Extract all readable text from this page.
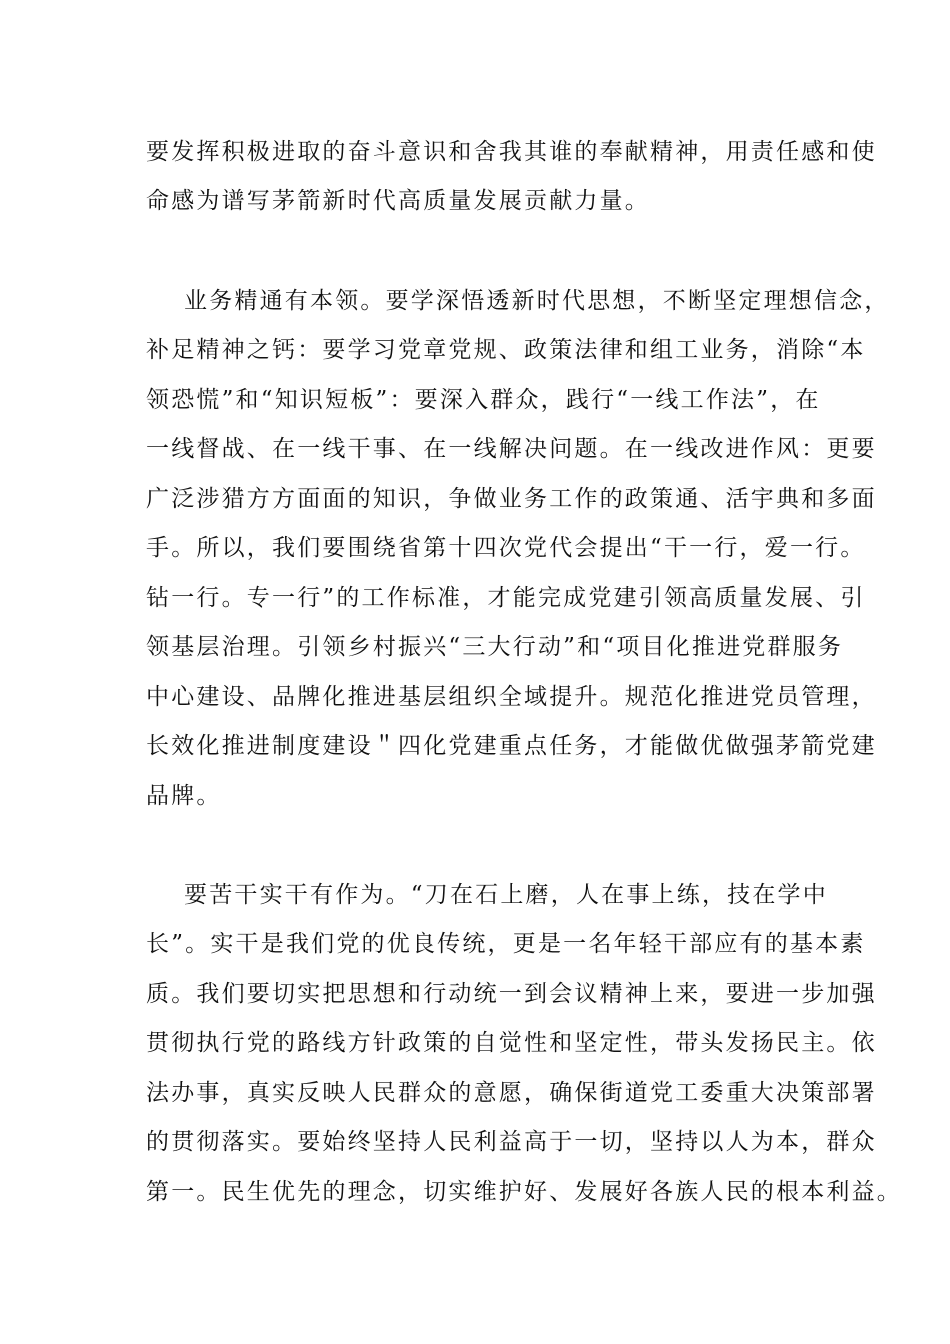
要发挥积极进取的奋斗意识和舍我其谁的奉献精神，用责任感和使
命感为谱写茅箭新时代高质量发展贡献力量。
业务精通有本领。要学深悟透新时代思想，不断坚定理想信念，
补足精神之钙：要学习党章党规、政策法律和组工业务，消除“本
领恐慌”和“知识短板”：要深入群众，践行“一线工作法”，在
一线督战、在一线干事、在一线解决问题。在一线改进作风：更要
广泛涉猎方方面面的知识，争做业务工作的政策通、活宇典和多面
手。所以，我们要围绕省第十四次党代会提出“干一行，爱一行。
钻一行。专一行”的工作标准，才能完成党建引领高质量发展、引
领基层治理。引领乡村振兴“三大行动”和“项目化推进党群服务
中心建设、品牌化推进基层组织全域提升。规范化推进党员管理，
长效化推进制度建设＂四化党建重点任务，才能做优做强茅箭党建
品牌。
要苦干实干有作为。“刀在石上磨，人在事上练，技在学中
长”。实干是我们党的优良传统，更是一名年轻干部应有的基本素
质。我们要切实把思想和行动统一到会议精神上来，要进一步加强
贯彻执行党的路线方针政策的自觉性和坚定性，带头发扬民主。依
法办事，真实反映人民群众的意愿，确保街道党工委重大决策部署
的贯彻落实。要始终坚持人民利益高于一切，坚持以人为本，群众
第一。民生优先的理念，切实维护好、发展好各族人民的根本利益。
